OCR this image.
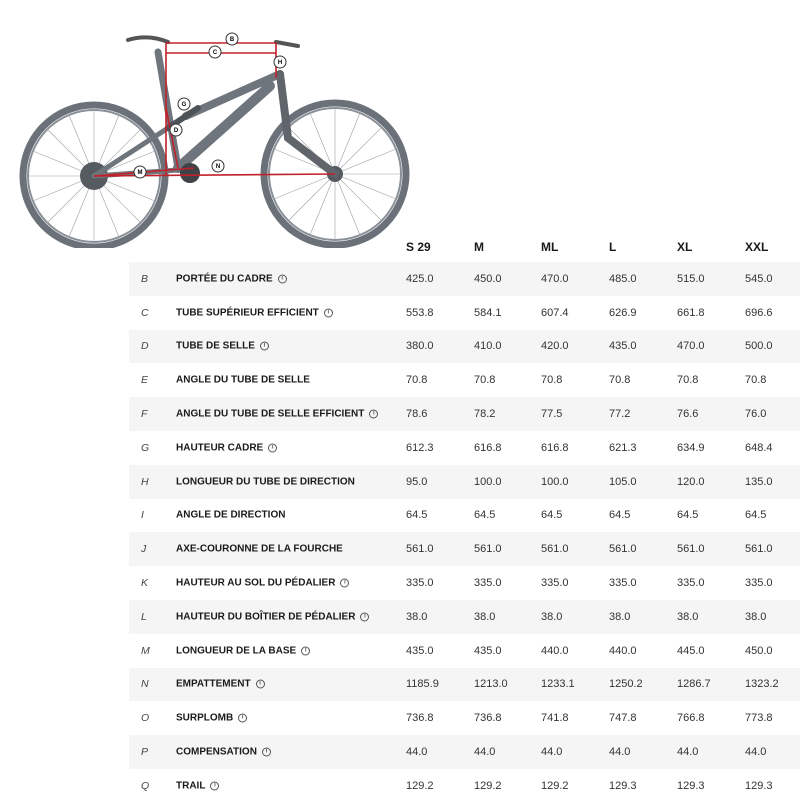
B
C
H
G
D
M
N
S 29	M	ML	L	XL	XXL
B	PORTÉE DU CADRE	i	425.0	450.0	470.0	485.0	515.0	545.0
C	TUBE SUPÉRIEUR EFFICIENT	i	553.8	584.1	607.4	626.9	661.8	696.6
D	TUBE DE SELLE	i	380.0	410.0	420.0	435.0	470.0	500.0
E	ANGLE DU TUBE DE SELLE	70.8	70.8	70.8	70.8	70.8	70.8
F	ANGLE DU TUBE DE SELLE EFFICIENT	i	78.6	78.2	77.5	77.2	76.6	76.0
G	HAUTEUR CADRE	i	612.3	616.8	616.8	621.3	634.9	648.4
H	LONGUEUR DU TUBE DE DIRECTION	95.0	100.0	100.0	105.0	120.0	135.0
I	ANGLE DE DIRECTION	64.5	64.5	64.5	64.5	64.5	64.5
J	AXE-COURONNE DE LA FOURCHE	561.0	561.0	561.0	561.0	561.0	561.0
K	HAUTEUR AU SOL DU PÉDALIER	i	335.0	335.0	335.0	335.0	335.0	335.0
L	HAUTEUR DU BOÎTIER DE PÉDALIER	i	38.0	38.0	38.0	38.0	38.0	38.0
M	LONGUEUR DE LA BASE	i	435.0	435.0	440.0	440.0	445.0	450.0
N	EMPATTEMENT	i	1185.9	1213.0	1233.1	1250.2	1286.7	1323.2
O	SURPLOMB	i	736.8	736.8	741.8	747.8	766.8	773.8
P	COMPENSATION	i	44.0	44.0	44.0	44.0	44.0	44.0
Q	TRAIL	i	129.2	129.2	129.2	129.3	129.3	129.3
